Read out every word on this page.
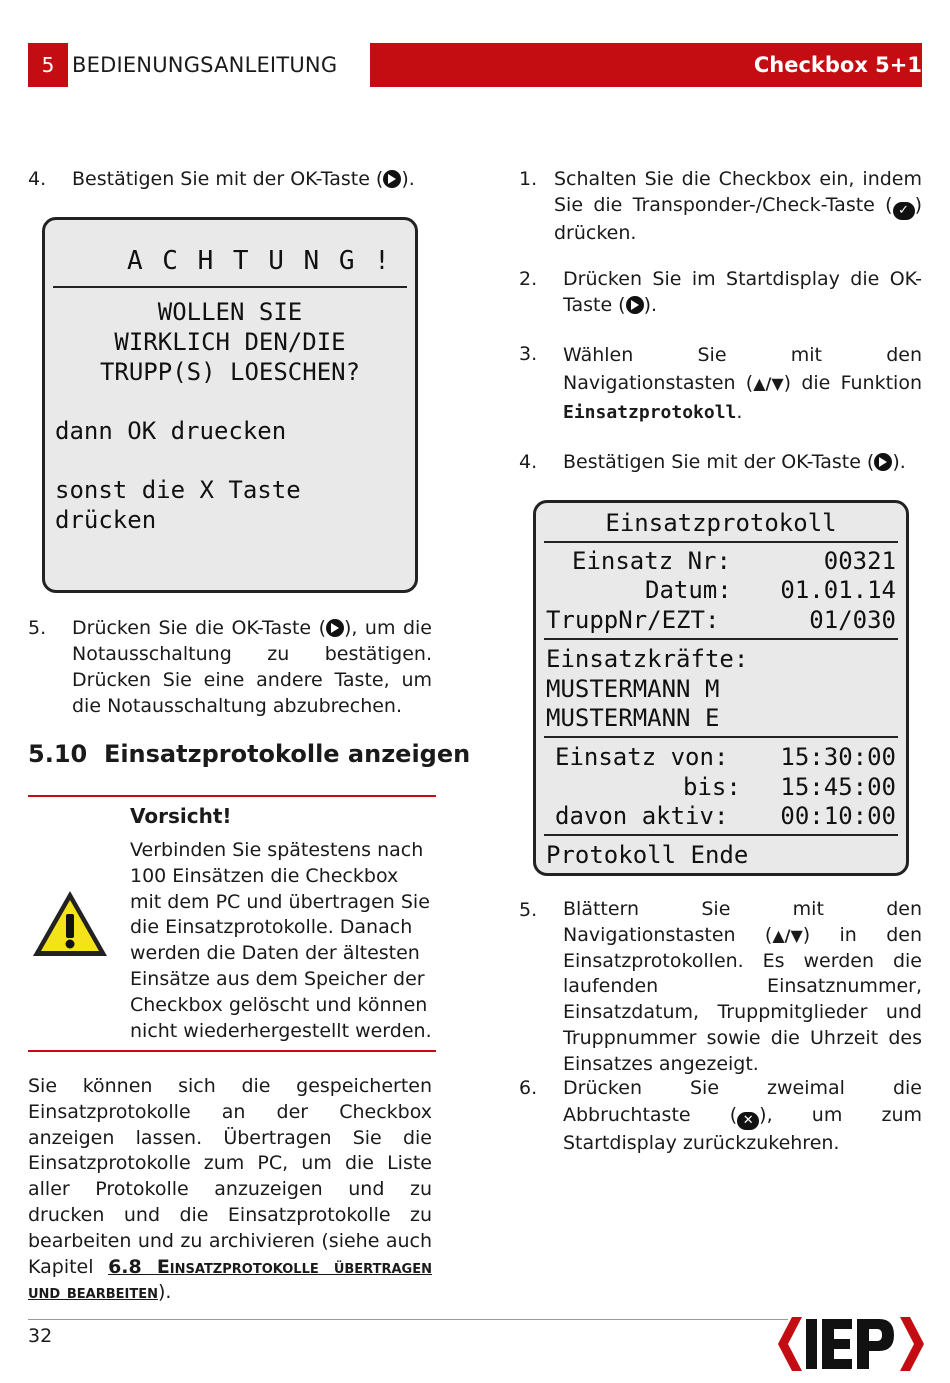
5 BEDIENUNGSANLEITUNG	Checkbox 5+1
4. Bestätigen Sie mit der OK-Taste ( ).
A C H T U N G !
WOLLEN SIE
WIRKLICH DEN/DIE
TRUPP(S) LOESCHEN?
dann OK druecken
sonst die X Taste
drücken
5. Drücken Sie die OK-Taste ( ), um die Notausschaltung zu bestätigen. Drücken Sie eine andere Taste, um die Notausschaltung abzubrechen.
5.10 Einsatzprotokolle anzeigen
Vorsicht!
Verbinden Sie spätestens nach 100 Einsätzen die Checkbox mit dem PC und übertragen Sie die Einsatzprotokolle. Danach werden die Daten der ältesten Einsätze aus dem Speicher der Checkbox gelöscht und können nicht wiederhergestellt werden.
Sie können sich die gespeicherten Einsatzprotokolle an der Checkbox anzeigen lassen. Übertragen Sie die Einsatzprotokolle zum PC, um die Liste aller Protokolle anzuzeigen und zu drucken und die Einsatzprotokolle zu bearbeiten und zu archivieren (siehe auch Kapitel 6.8 Einsatzprotokolle übertragen und bearbeiten).
1. Schalten Sie die Checkbox ein, indem Sie die Transponder-/Check-Taste ( ✓ ) drücken.
2. Drücken Sie im Startdisplay die OK-Taste ( ).
3. Wählen Sie mit den Navigationstasten (▲/▼) die Funktion Einsatzprotokoll.
4. Bestätigen Sie mit der OK-Taste ( ).
Einsatzprotokoll
Einsatz Nr:	00321
Datum: 01.01.14
TruppNr/EZT:	01/030
Einsatzkräfte:
MUSTERMANN M
MUSTERMANN E
Einsatz von: 15:30:00
bis: 15:45:00
davon aktiv: 00:10:00
Protokoll Ende
5. Blättern Sie mit den Navigationstasten (▲/▼) in den Einsatzprotokollen. Es werden die laufenden Einsatznummer, Einsatzdatum, Truppmitglieder und Truppnummer sowie die Uhrzeit des Einsatzes angezeigt.
6. Drücken Sie zweimal die Abbruchtaste ( ✕ ), um zum Startdisplay zurückzukehren.
32
